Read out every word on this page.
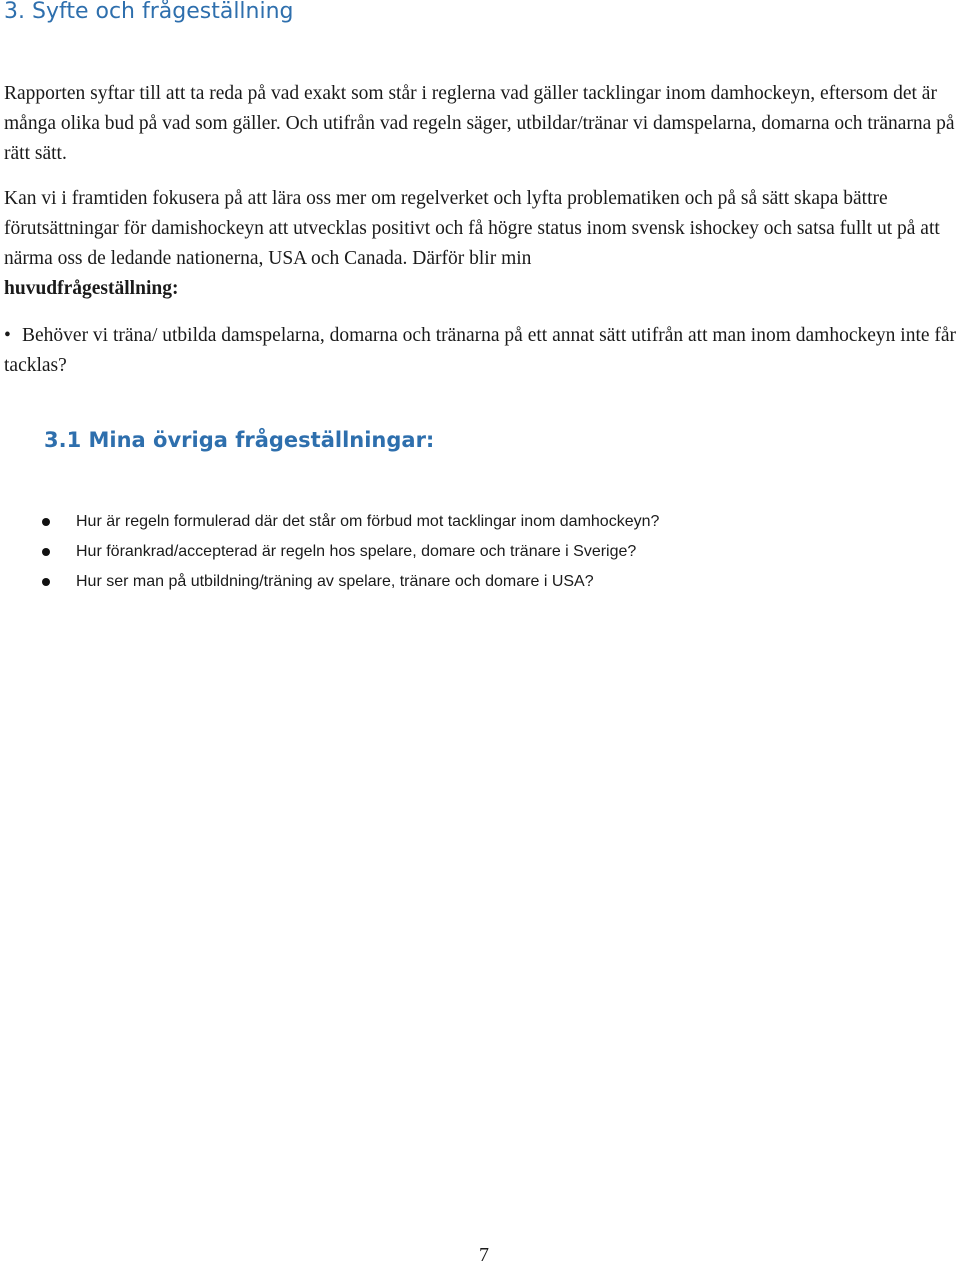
3. Syfte och frågeställning

Rapporten syftar till att ta reda på vad exakt som står i reglerna vad gäller tacklingar inom damhockeyn, eftersom det är många olika bud på vad som gäller. Och utifrån vad regeln säger, utbildar/tränar vi damspelarna, domarna och tränarna på rätt sätt.

Kan vi i framtiden fokusera på att lära oss mer om regelverket och lyfta problematiken och på så sätt skapa bättre förutsättningar för damishockeyn att utvecklas positivt och få högre status inom svensk ishockey och satsa fullt ut på att närma oss de ledande nationerna, USA och Canada. Därför blir min
huvudfrågeställning:

• Behöver vi träna/ utbilda damspelarna, domarna och tränarna på ett annat sätt utifrån att man inom damhockeyn inte får tacklas?

3.1 Mina övriga frågeställningar:
Hur är regeln formulerad där det står om förbud mot tacklingar inom damhockeyn?
Hur förankrad/accepterad är regeln hos spelare, domare och tränare i Sverige?
Hur ser man på utbildning/träning av spelare, tränare och domare i USA?
7
